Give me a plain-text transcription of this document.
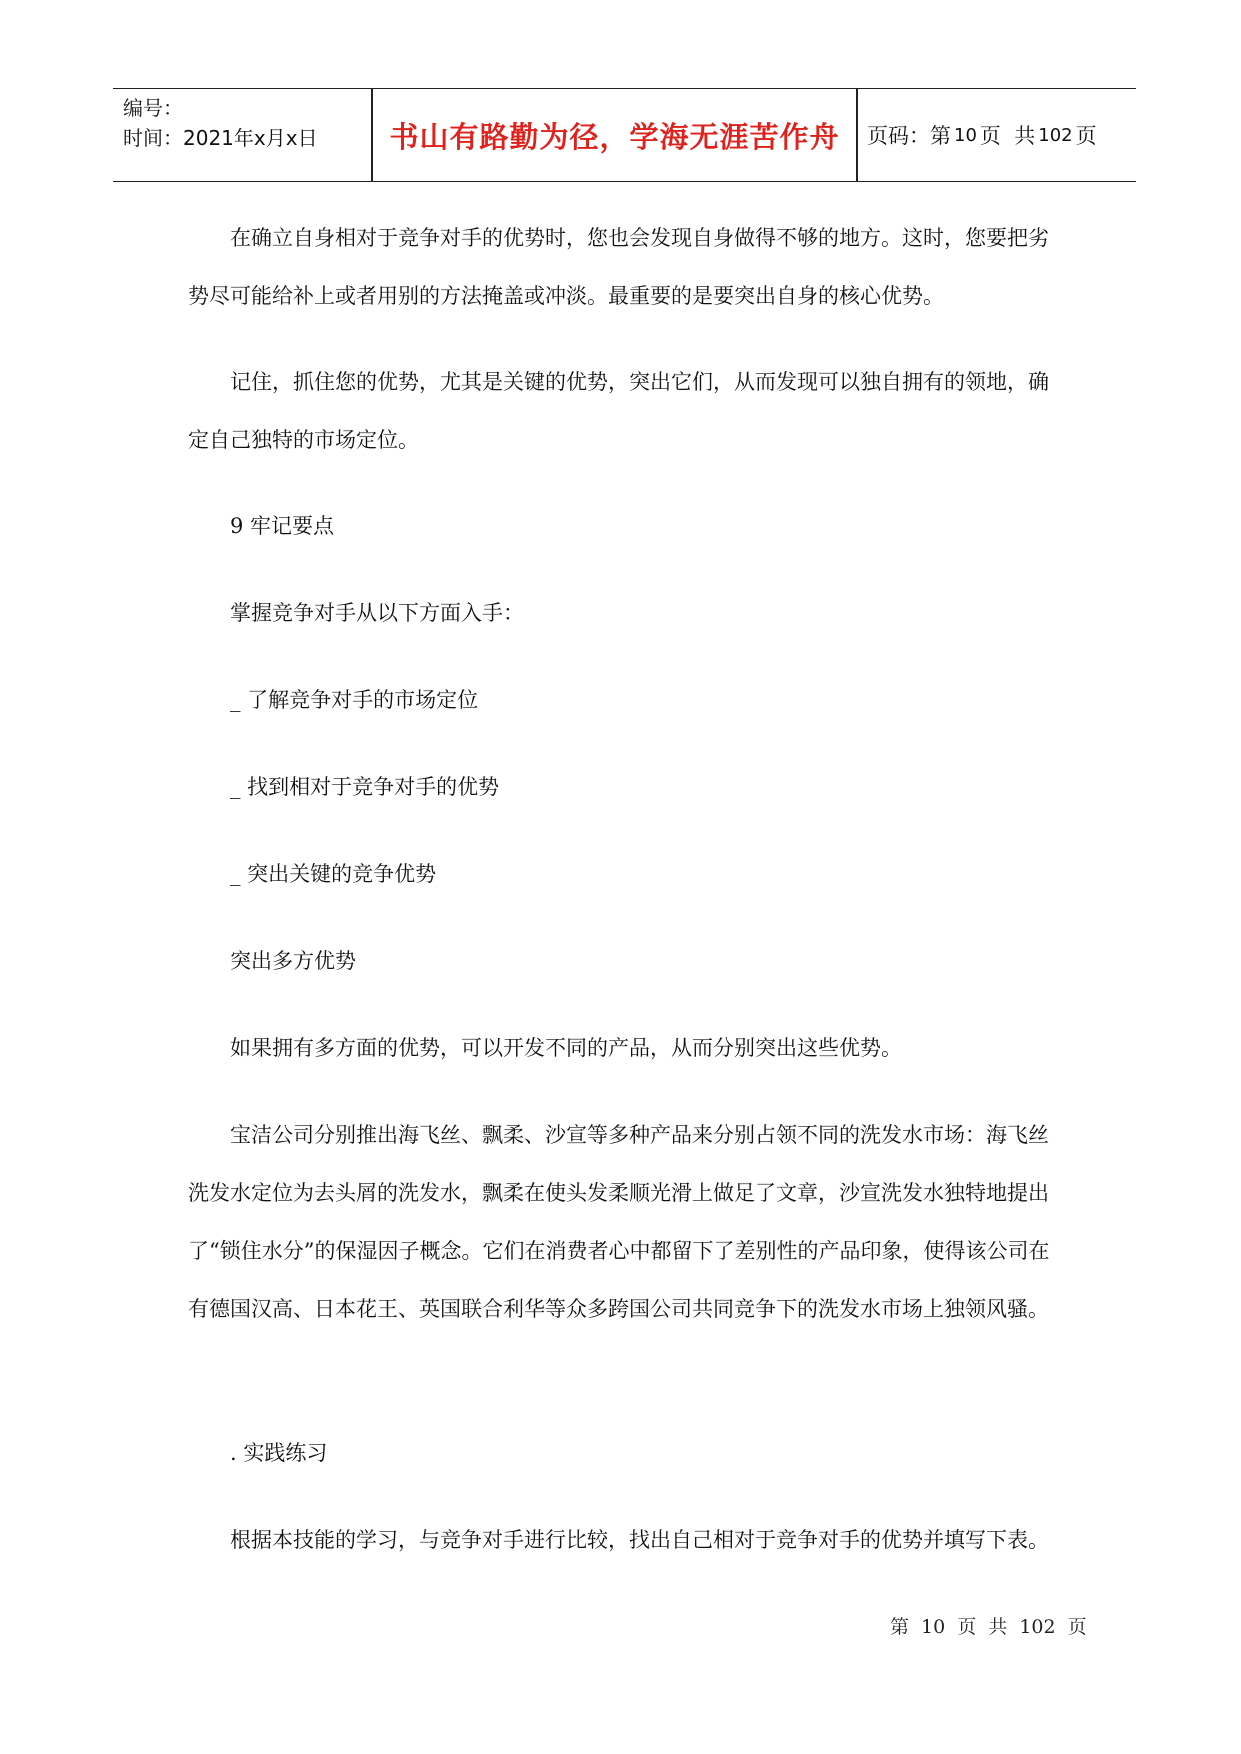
编号：
时间：2021年x月x日	书山有路勤为径，学海无涯苦作舟	页码：第 10 页  共 102 页

在确立自身相对于竞争对手的优势时，您也会发现自身做得不够的地方。这时，您要把劣势尽可能给补上或者用别的方法掩盖或冲淡。最重要的是要突出自身的核心优势。

记住，抓住您的优势，尤其是关键的优势，突出它们，从而发现可以独自拥有的领地，确定自己独特的市场定位。

9 牢记要点

掌握竞争对手从以下方面入手：

_ 了解竞争对手的市场定位

_ 找到相对于竞争对手的优势

_ 突出关键的竞争优势

突出多方优势

如果拥有多方面的优势，可以开发不同的产品，从而分别突出这些优势。

宝洁公司分别推出海飞丝、飘柔、沙宣等多种产品来分别占领不同的洗发水市场：海飞丝洗发水定位为去头屑的洗发水，飘柔在使头发柔顺光滑上做足了文章，沙宣洗发水独特地提出了“锁住水分”的保湿因子概念。它们在消费者心中都留下了差别性的产品印象，使得该公司在有德国汉高、日本花王、英国联合利华等众多跨国公司共同竞争下的洗发水市场上独领风骚。

. 实践练习

根据本技能的学习，与竞争对手进行比较，找出自己相对于竞争对手的优势并填写下表。

第 10 页 共 102 页
